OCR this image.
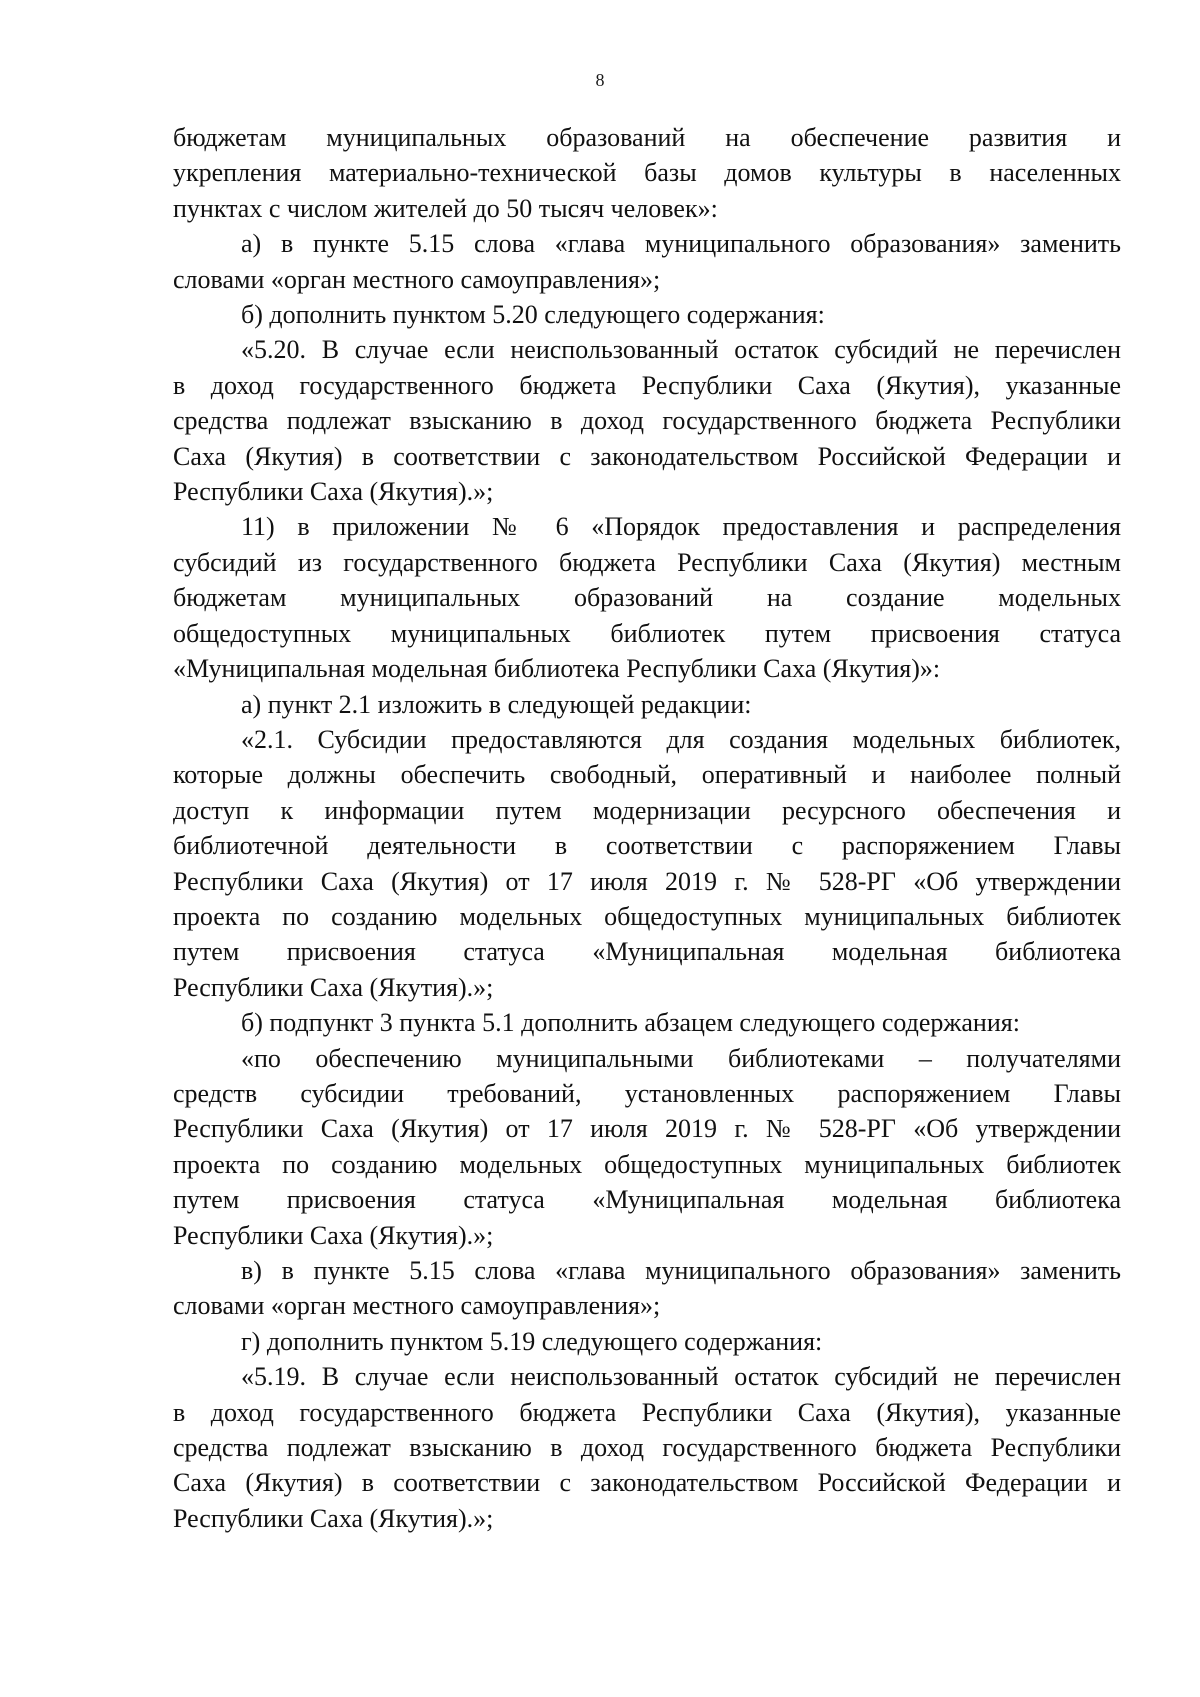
8
бюджетам муниципальных образований на обеспечение развития и
укрепления материально-технической базы домов культуры в населенных
пунктах с числом жителей до 50 тысяч человек»:
а) в пункте 5.15 слова «глава муниципального образования» заменить
словами «орган местного самоуправления»;
б) дополнить пунктом 5.20 следующего содержания:
«5.20. В случае если неиспользованный остаток субсидий не перечислен
в доход государственного бюджета Республики Саха (Якутия), указанные
средства подлежат взысканию в доход государственного бюджета Республики
Саха (Якутия) в соответствии с законодательством Российской Федерации и
Республики Саха (Якутия).»;
11) в приложении № 6 «Порядок предоставления и распределения
субсидий из государственного бюджета Республики Саха (Якутия) местным
бюджетам муниципальных образований на создание модельных
общедоступных муниципальных библиотек путем присвоения статуса
«Муниципальная модельная библиотека Республики Саха (Якутия)»:
а) пункт 2.1 изложить в следующей редакции:
«2.1. Субсидии предоставляются для создания модельных библиотек,
которые должны обеспечить свободный, оперативный и наиболее полный
доступ к информации путем модернизации ресурсного обеспечения и
библиотечной деятельности в соответствии с распоряжением Главы
Республики Саха (Якутия) от 17 июля 2019 г. № 528-РГ «Об утверждении
проекта по созданию модельных общедоступных муниципальных библиотек
путем присвоения статуса «Муниципальная модельная библиотека
Республики Саха (Якутия).»;
б) подпункт 3 пункта 5.1 дополнить абзацем следующего содержания:
«по обеспечению муниципальными библиотеками – получателями
средств субсидии требований, установленных распоряжением Главы
Республики Саха (Якутия) от 17 июля 2019 г. № 528-РГ «Об утверждении
проекта по созданию модельных общедоступных муниципальных библиотек
путем присвоения статуса «Муниципальная модельная библиотека
Республики Саха (Якутия).»;
в) в пункте 5.15 слова «глава муниципального образования» заменить
словами «орган местного самоуправления»;
г) дополнить пунктом 5.19 следующего содержания:
«5.19. В случае если неиспользованный остаток субсидий не перечислен
в доход государственного бюджета Республики Саха (Якутия), указанные
средства подлежат взысканию в доход государственного бюджета Республики
Саха (Якутия) в соответствии с законодательством Российской Федерации и
Республики Саха (Якутия).»;
